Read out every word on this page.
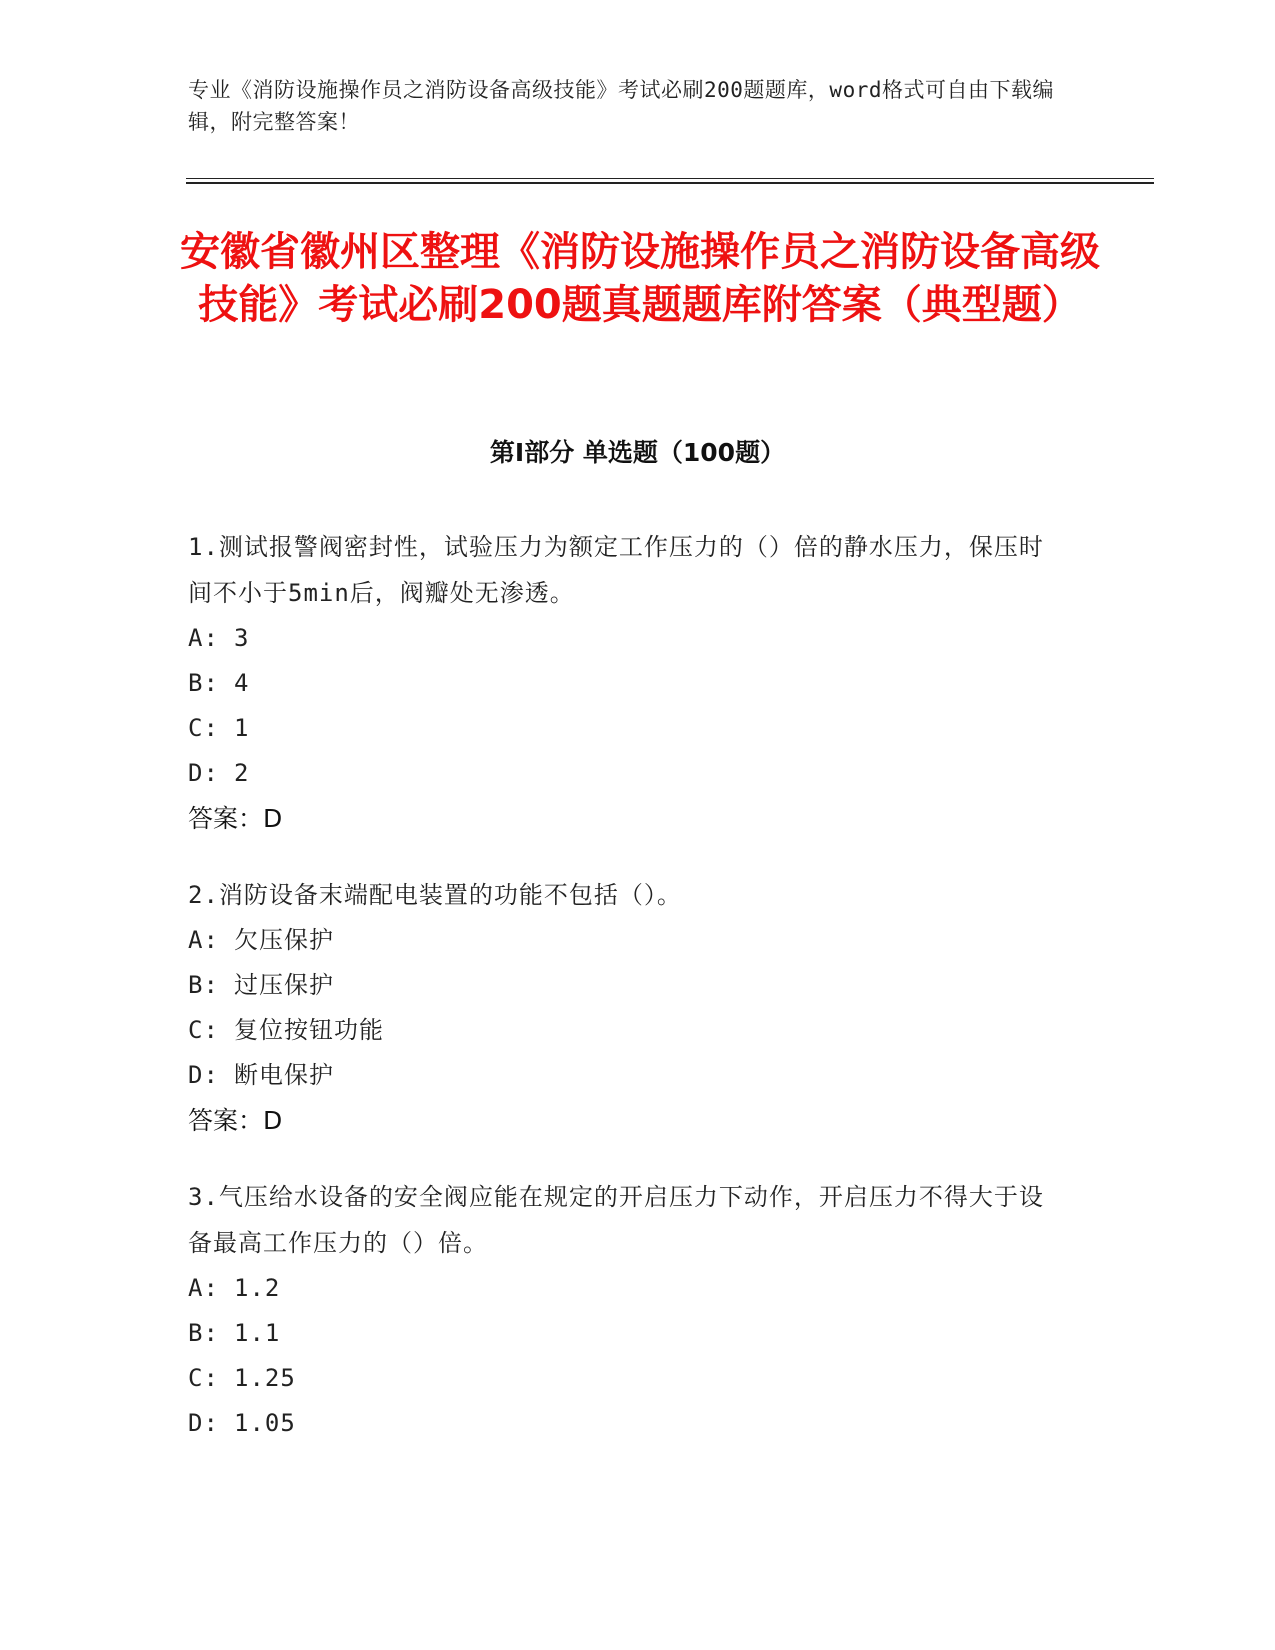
专业《消防设施操作员之消防设备高级技能》考试必刷200题题库，word格式可自由下载编辑，附完整答案！
安徽省徽州区整理《消防设施操作员之消防设备高级技能》考试必刷200题真题题库附答案（典型题）
第Ⅰ部分 单选题（100题）

1.测试报警阀密封性，试验压力为额定工作压力的（）倍的静水压力，保压时间不小于5min后，阀瓣处无渗透。

A: 3
B: 4
C: 1
D: 2
答案：D

2.消防设备末端配电装置的功能不包括（）。

A: 欠压保护
B: 过压保护
C: 复位按钮功能
D: 断电保护
答案：D

3.气压给水设备的安全阀应能在规定的开启压力下动作，开启压力不得大于设备最高工作压力的（）倍。

A: 1.2
B: 1.1
C: 1.25
D: 1.05
